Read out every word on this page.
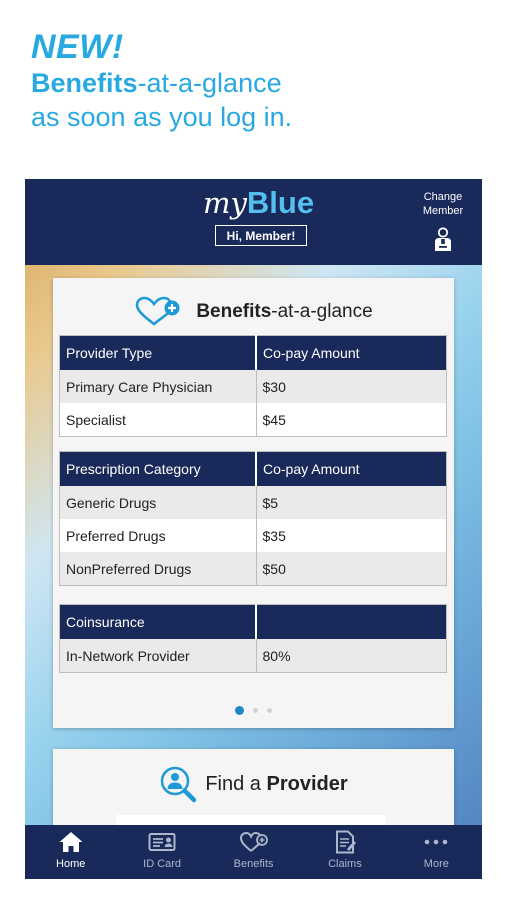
NEW!
Benefits-at-a-glance
as soon as you log in.
myBlue
Hi, Member!
Change
Member
Benefits-at-a-glance
Provider Type	Co-pay Amount
Primary Care Physician	$30
Specialist	$45
Prescription Category	Co-pay Amount
Generic Drugs	$5
Preferred Drugs	$35
NonPreferred Drugs	$50
Coinsurance	
In-Network Provider	80%
Find a Provider
Home	ID Card	Benefits	Claims	More
